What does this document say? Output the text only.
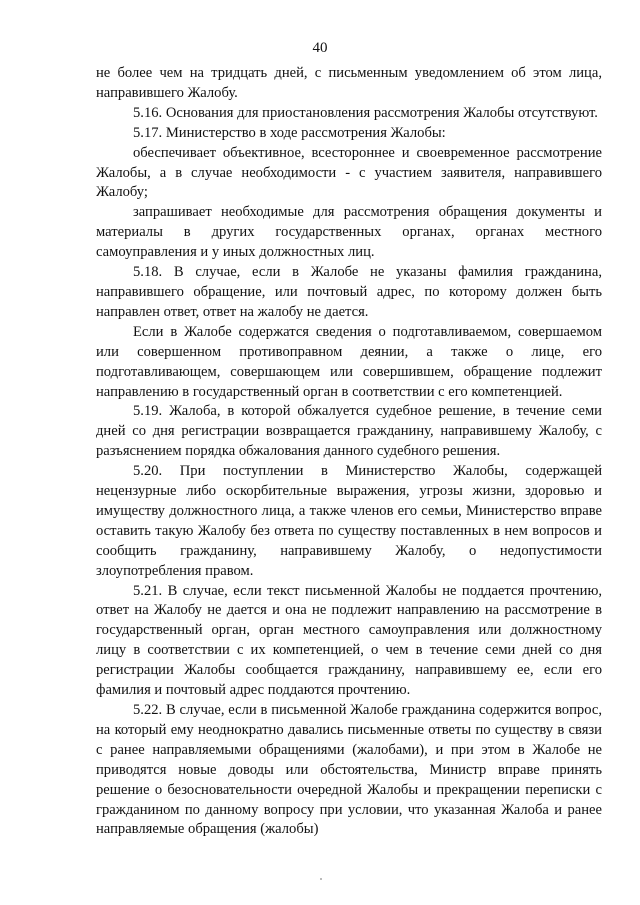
40

не более чем на тридцать дней, с письменным уведомлением об этом лица, направившего Жалобу.

5.16. Основания для приостановления рассмотрения Жалобы отсутствуют.

5.17. Министерство в ходе рассмотрения Жалобы:

обеспечивает объективное, всестороннее и своевременное рассмотрение Жалобы, а в случае необходимости - с участием заявителя, направившего Жалобу;

запрашивает необходимые для рассмотрения обращения документы и материалы в других государственных органах, органах местного самоуправления и у иных должностных лиц.

5.18. В случае, если в Жалобе не указаны фамилия гражданина, направившего обращение, или почтовый адрес, по которому должен быть направлен ответ, ответ на жалобу не дается.

Если в Жалобе содержатся сведения о подготавливаемом, совершаемом или совершенном противоправном деянии, а также о лице, его подготавливающем, совершающем или совершившем, обращение подлежит направлению в государственный орган в соответствии с его компетенцией.

5.19. Жалоба, в которой обжалуется судебное решение, в течение семи дней со дня регистрации возвращается гражданину, направившему Жалобу, с разъяснением порядка обжалования данного судебного решения.

5.20. При поступлении в Министерство Жалобы, содержащей нецензурные либо оскорбительные выражения, угрозы жизни, здоровью и имуществу должностного лица, а также членов его семьи, Министерство вправе оставить такую Жалобу без ответа по существу поставленных в нем вопросов и сообщить гражданину, направившему Жалобу, о недопустимости злоупотребления правом.

5.21. В случае, если текст письменной Жалобы не поддается прочтению, ответ на Жалобу не дается и она не подлежит направлению на рассмотрение в государственный орган, орган местного самоуправления или должностному лицу в соответствии с их компетенцией, о чем в течение семи дней со дня регистрации Жалобы сообщается гражданину, направившему ее, если его фамилия и почтовый адрес поддаются прочтению.

5.22. В случае, если в письменной Жалобе гражданина содержится вопрос, на который ему неоднократно давались письменные ответы по существу в связи с ранее направляемыми обращениями (жалобами), и при этом в Жалобе не приводятся новые доводы или обстоятельства, Министр вправе принять решение о безосновательности очередной Жалобы и прекращении переписки с гражданином по данному вопросу при условии, что указанная Жалоба и ранее направляемые обращения (жалобы)
